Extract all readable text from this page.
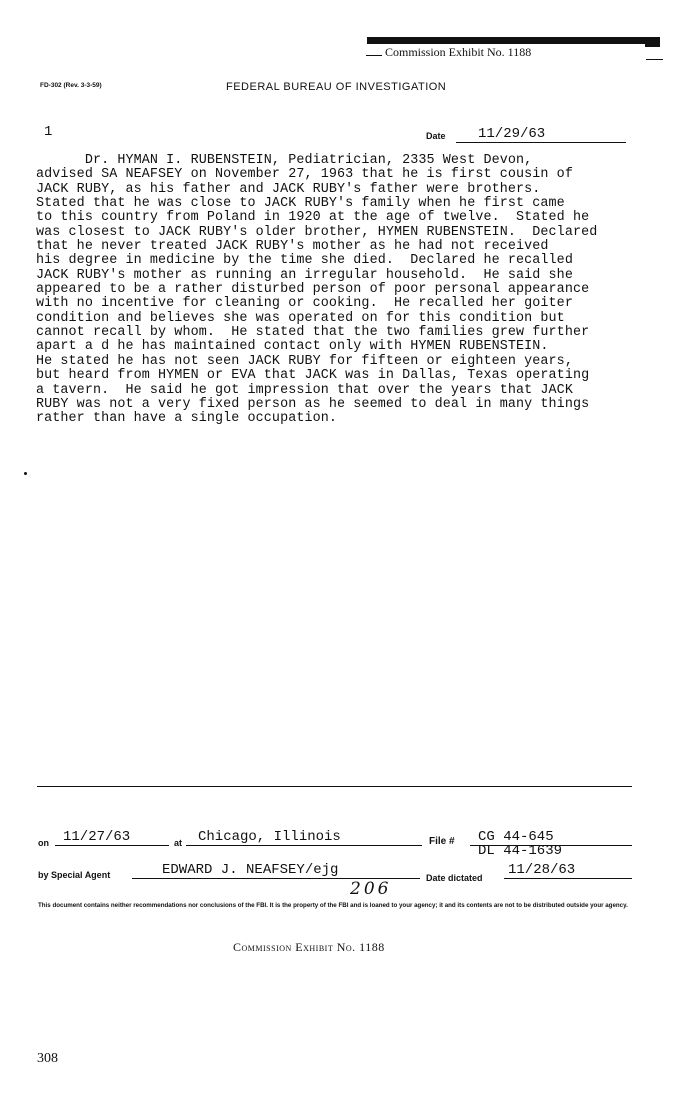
Commission Exhibit No. 1188
FD-302 (Rev. 3-3-59)	FEDERAL BUREAU OF INVESTIGATION
1	Date	11/29/63
Dr. HYMAN I. RUBENSTEIN, Pediatrician, 2335 West Devon,
advised SA NEAFSEY on November 27, 1963 that he is first cousin of
JACK RUBY, as his father and JACK RUBY's father were brothers.
Stated that he was close to JACK RUBY's family when he first came
to this country from Poland in 1920 at the age of twelve.  Stated he
was closest to JACK RUBY's older brother, HYMEN RUBENSTEIN.  Declared
that he never treated JACK RUBY's mother as he had not received
his degree in medicine by the time she died.  Declared he recalled
JACK RUBY's mother as running an irregular household.  He said she
appeared to be a rather disturbed person of poor personal appearance
with no incentive for cleaning or cooking.  He recalled her goiter
condition and believes she was operated on for this condition but
cannot recall by whom.  He stated that the two families grew further
apart a d he has maintained contact only with HYMEN RUBENSTEIN.
He stated he has not seen JACK RUBY for fifteen or eighteen years,
but heard from HYMEN or EVA that JACK was in Dallas, Texas operating
a tavern.  He said he got impression that over the years that JACK
RUBY was not a very fixed person as he seemed to deal in many things
rather than have a single occupation.
on	11/27/63	at	Chicago, Illinois	File #	CG 44-645
DL 44-1639
by Special Agent	EDWARD J. NEAFSEY/ejg	Date dictated 11/28/63
206
This document contains neither recommendations nor conclusions of the FBI. It is the property of the FBI and is loaned to your agency; it and its contents are not to be distributed outside your agency.
Commission Exhibit No. 1188
308
